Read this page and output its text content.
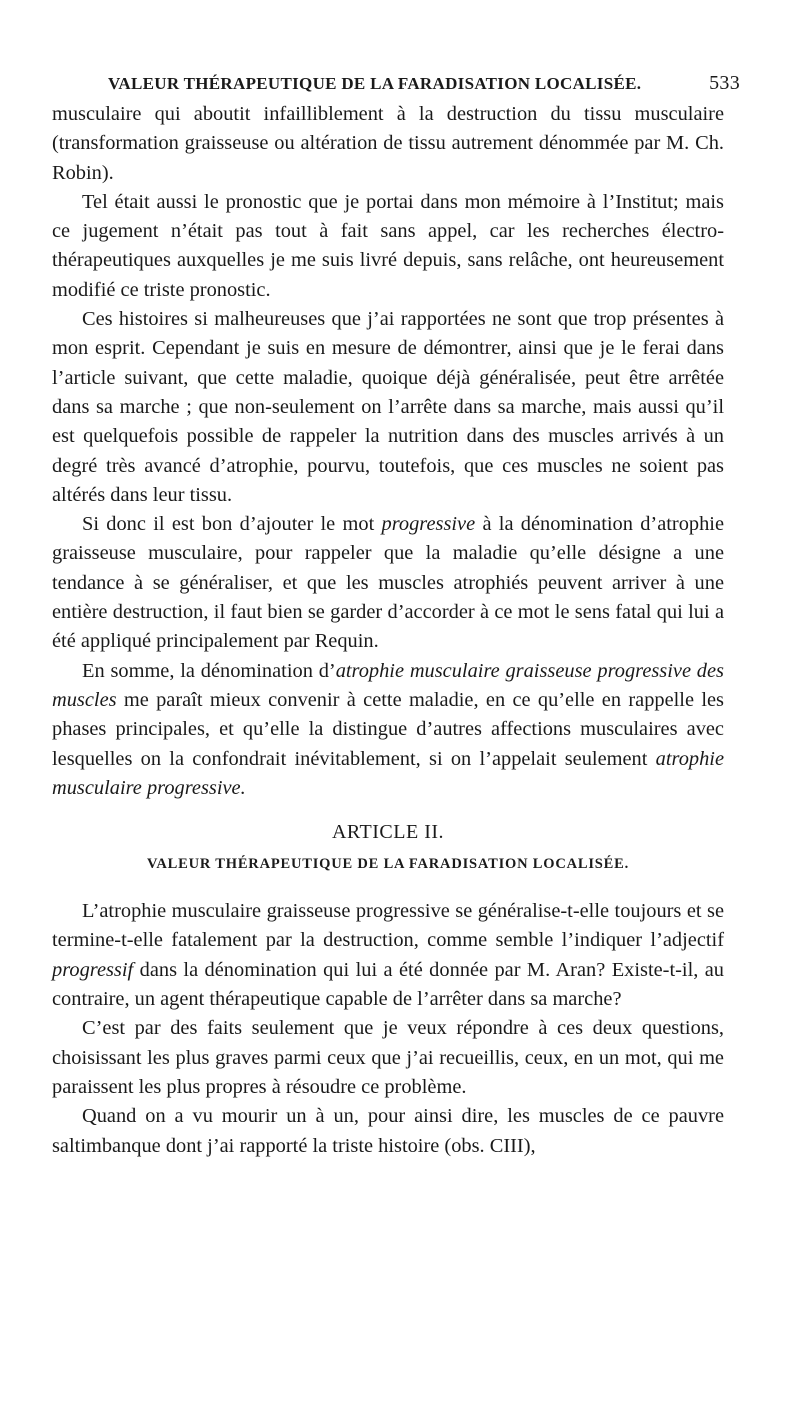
VALEUR THÉRAPEUTIQUE DE LA FARADISATION LOCALISÉE.	533

musculaire qui aboutit infailliblement à la destruction du tissu musculaire (transformation graisseuse ou altération de tissu autrement dénommée par M. Ch. Robin).

Tel était aussi le pronostic que je portai dans mon mémoire à l’Institut; mais ce jugement n’était pas tout à fait sans appel, car les recherches électro-thérapeutiques auxquelles je me suis livré depuis, sans relâche, ont heureusement modifié ce triste pronostic.

Ces histoires si malheureuses que j’ai rapportées ne sont que trop présentes à mon esprit. Cependant je suis en mesure de démontrer, ainsi que je le ferai dans l’article suivant, que cette maladie, quoique déjà généralisée, peut être arrêtée dans sa marche ; que non-seulement on l’arrête dans sa marche, mais aussi qu’il est quelquefois possible de rappeler la nutrition dans des muscles arrivés à un degré très avancé d’atrophie, pourvu, toutefois, que ces muscles ne soient pas altérés dans leur tissu.

Si donc il est bon d’ajouter le mot progressive à la dénomination d’atrophie graisseuse musculaire, pour rappeler que la maladie qu’elle désigne a une tendance à se généraliser, et que les muscles atrophiés peuvent arriver à une entière destruction, il faut bien se garder d’accorder à ce mot le sens fatal qui lui a été appliqué principalement par Requin.

En somme, la dénomination d’atrophie musculaire graisseuse progressive des muscles me paraît mieux convenir à cette maladie, en ce qu’elle en rappelle les phases principales, et qu’elle la distingue d’autres affections musculaires avec lesquelles on la confondrait inévitablement, si on l’appelait seulement atrophie musculaire progressive.

ARTICLE II.
VALEUR THÉRAPEUTIQUE DE LA FARADISATION LOCALISÉE.

L’atrophie musculaire graisseuse progressive se généralise-t-elle toujours et se termine-t-elle fatalement par la destruction, comme semble l’indiquer l’adjectif progressif dans la dénomination qui lui a été donnée par M. Aran? Existe-t-il, au contraire, un agent thérapeutique capable de l’arrêter dans sa marche?

C’est par des faits seulement que je veux répondre à ces deux questions, choisissant les plus graves parmi ceux que j’ai recueillis, ceux, en un mot, qui me paraissent les plus propres à résoudre ce problème.

Quand on a vu mourir un à un, pour ainsi dire, les muscles de ce pauvre saltimbanque dont j’ai rapporté la triste histoire (obs. CIII),
